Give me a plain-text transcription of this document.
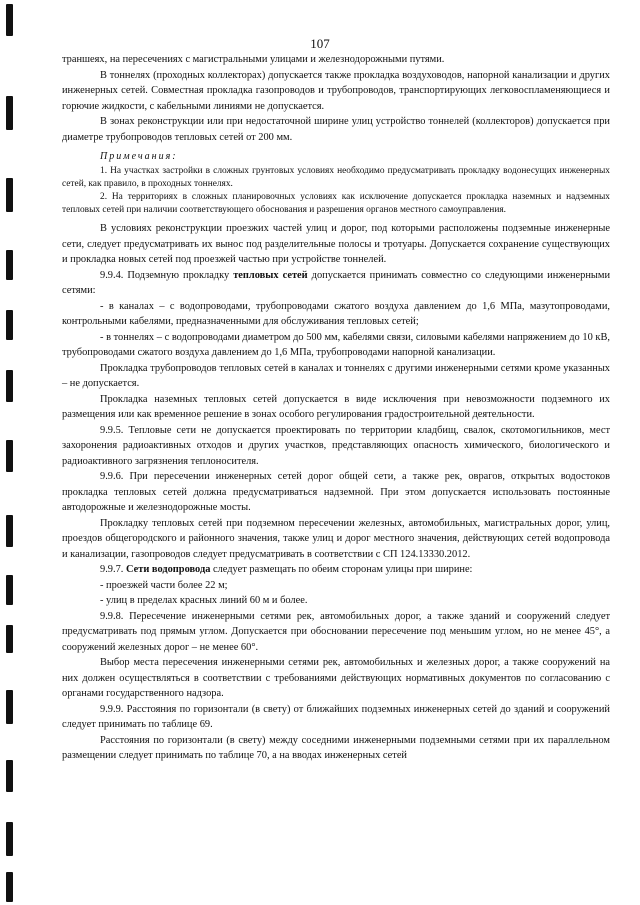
107

траншеях, на пересечениях с магистральными улицами и железнодорожными путями.

В тоннелях (проходных коллекторах) допускается также прокладка воздуховодов, напорной канализации и других инженерных сетей. Совместная прокладка газопроводов и трубопроводов, транспортирующих легковоспламеняющиеся и горючие жидкости, с кабельными линиями не допускается.

В зонах реконструкции или при недостаточной ширине улиц устройство тоннелей (коллекторов) допускается при диаметре трубопроводов тепловых сетей от 200 мм.

Примечания:

1. На участках застройки в сложных грунтовых условиях необходимо предусматривать прокладку водонесущих инженерных сетей, как правило, в проходных тоннелях.

2. На территориях в сложных планировочных условиях как исключение допускается прокладка наземных и надземных тепловых сетей при наличии соответствующего обоснования и разрешения органов местного самоуправления.

В условиях реконструкции проезжих частей улиц и дорог, под которыми расположены подземные инженерные сети, следует предусматривать их вынос под разделительные полосы и тротуары. Допускается сохранение существующих и прокладка новых сетей под проезжей частью при устройстве тоннелей.

9.9.4. Подземную прокладку тепловых сетей допускается принимать совместно со следующими инженерными сетями:

- в каналах – с водопроводами, трубопроводами сжатого воздуха давлением до 1,6 МПа, мазутопроводами, контрольными кабелями, предназначенными для обслуживания тепловых сетей;

- в тоннелях – с водопроводами диаметром до 500 мм, кабелями связи, силовыми кабелями напряжением до 10 кВ, трубопроводами сжатого воздуха давлением до 1,6 МПа, трубопроводами напорной канализации.

Прокладка трубопроводов тепловых сетей в каналах и тоннелях с другими инженерными сетями кроме указанных – не допускается.

Прокладка наземных тепловых сетей допускается в виде исключения при невозможности подземного их размещения или как временное решение в зонах особого регулирования градостроительной деятельности.

9.9.5. Тепловые сети не допускается проектировать по территории кладбищ, свалок, скотомогильников, мест захоронения радиоактивных отходов и других участков, представляющих опасность химического, биологического и радиоактивного загрязнения теплоносителя.

9.9.6. При пересечении инженерных сетей дорог общей сети, а также рек, оврагов, открытых водостоков прокладка тепловых сетей должна предусматриваться надземной. При этом допускается использовать постоянные автодорожные и железнодорожные мосты.

Прокладку тепловых сетей при подземном пересечении железных, автомобильных, магистральных дорог, улиц, проездов общегородского и районного значения, также улиц и дорог местного значения, действующих сетей водопровода и канализации, газопроводов следует предусматривать в соответствии с СП 124.13330.2012.

9.9.7. Сети водопровода следует размещать по обеим сторонам улицы при ширине:

- проезжей части более 22 м;

- улиц в пределах красных линий 60 м и более.

9.9.8. Пересечение инженерными сетями рек, автомобильных дорог, а также зданий и сооружений следует предусматривать под прямым углом. Допускается при обосновании пересечение под меньшим углом, но не менее 45°, а сооружений железных дорог – не менее 60°.

Выбор места пересечения инженерными сетями рек, автомобильных и железных дорог, а также сооружений на них должен осуществляться в соответствии с требованиями действующих нормативных документов по согласованию с органами государственного надзора.

9.9.9. Расстояния по горизонтали (в свету) от ближайших подземных инженерных сетей до зданий и сооружений следует принимать по таблице 69.

Расстояния по горизонтали (в свету) между соседними инженерными подземными сетями при их параллельном размещении следует принимать по таблице 70, а на вводах инженерных сетей
